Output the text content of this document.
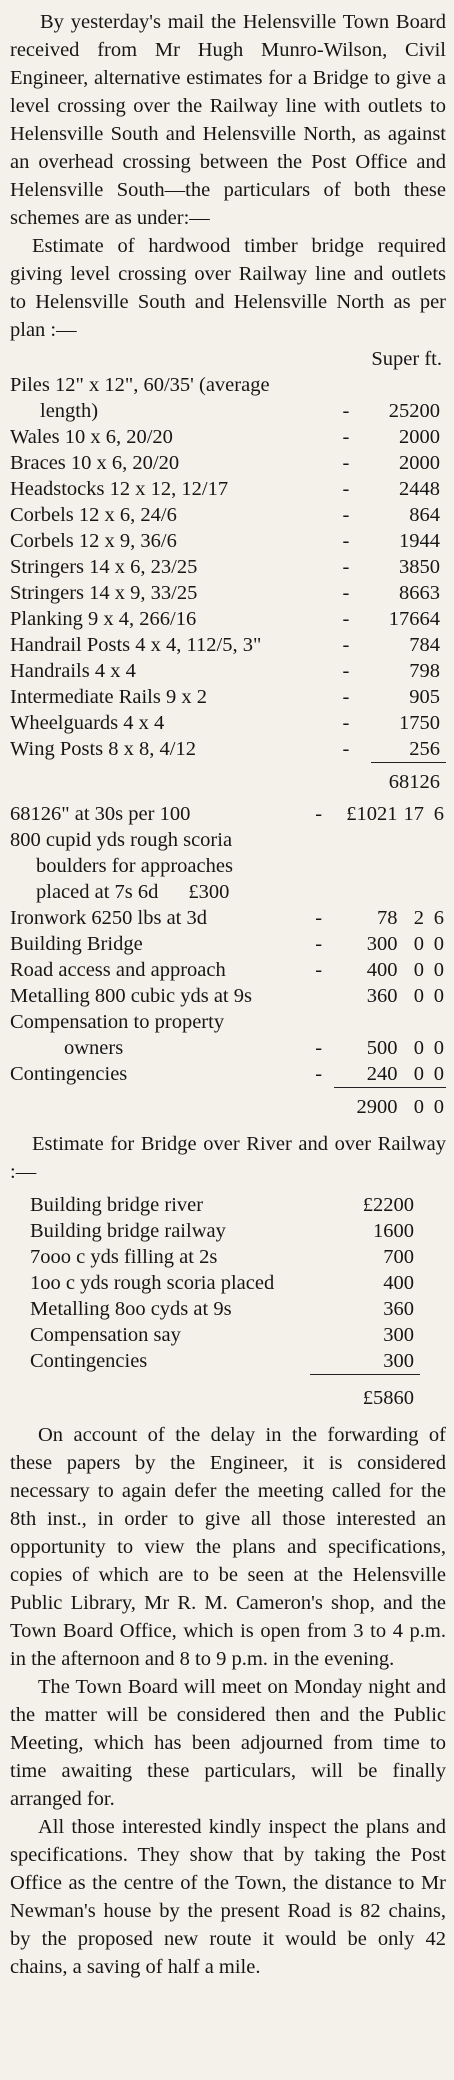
By yesterday's mail the Helensville Town Board received from Mr Hugh Munro-Wilson, Civil Engineer, alternative estimates for a Bridge to give a level crossing over the Railway line with outlets to Helensville South and Helensville North, as against an overhead crossing between the Post Office and Helensville South—the particulars of both these schemes are as under:—

Estimate of hardwood timber bridge required giving level crossing over Railway line and outlets to Helensville South and Helensville North as per plan :—

		Super ft.
Piles 12" x 12", 60/35' (average		
length)	-	25200
Wales 10 x 6, 20/20	-	2000
Braces 10 x 6, 20/20	-	2000
Headstocks 12 x 12, 12/17	-	2448
Corbels 12 x 6, 24/6	-	864
Corbels 12 x 9, 36/6	-	1944
Stringers 14 x 6, 23/25	-	3850
Stringers 14 x 9, 33/25	-	8663
Planking 9 x 4, 266/16	-	17664
Handrail Posts 4 x 4, 112/5, 3"	-	784
Handrails 4 x 4	-	798
Intermediate Rails 9 x 2	-	905
Wheelguards 4 x 4	-	1750
Wing Posts 8 x 8, 4/12	-	256
		68126
68126" at 30s per 100	-	£1021	17	6
800 cupid yds rough scoria				
boulders for approaches				
placed at 7s 6d £300				
Ironwork 6250 lbs at 3d	-	78	2	6
Building Bridge	-	300	0	0
Road access and approach	-	400	0	0
Metalling 800 cubic yds at 9s		360	0	0
Compensation to property				
owners	-	500	0	0
Contingencies	-	240	0	0
		2900	0	0

Estimate for Bridge over River and over Railway :—

Building bridge river	£2200
Building bridge railway	1600
7ooo c yds filling at 2s	700
1oo c yds rough scoria placed	400
Metalling 8oo cyds at 9s	360
Compensation say	300
Contingencies	300
	£5860

On account of the delay in the forwarding of these papers by the Engineer, it is considered necessary to again defer the meeting called for the 8th inst., in order to give all those interested an opportunity to view the plans and specifications, copies of which are to be seen at the Helensville Public Library, Mr R. M. Cameron's shop, and the Town Board Office, which is open from 3 to 4 p.m. in the afternoon and 8 to 9 p.m. in the evening.

The Town Board will meet on Monday night and the matter will be considered then and the Public Meeting, which has been adjourned from time to time awaiting these particulars, will be finally arranged for.

All those interested kindly inspect the plans and specifications. They show that by taking the Post Office as the centre of the Town, the distance to Mr Newman's house by the present Road is 82 chains, by the proposed new route it would be only 42 chains, a saving of half a mile.
